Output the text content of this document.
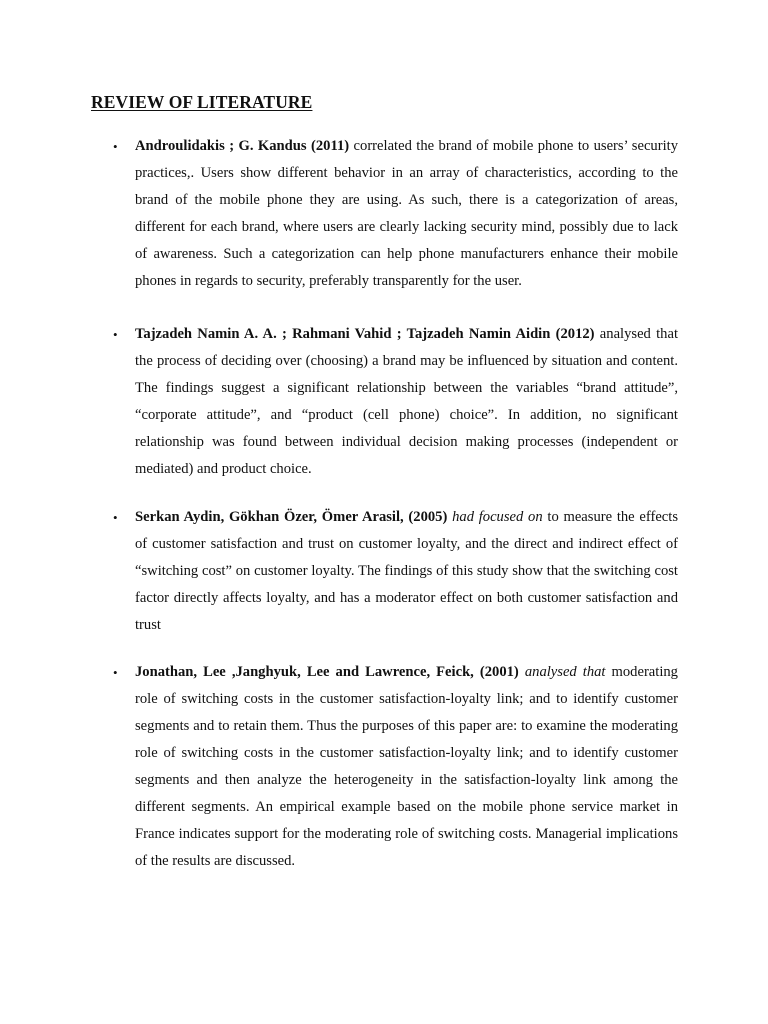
REVIEW OF LITERATURE

• Androulidakis ; G. Kandus (2011) correlated the brand of mobile phone to users’ security practices,. Users show different behavior in an array of characteristics, according to the brand of the mobile phone they are using. As such, there is a categorization of areas, different for each brand, where users are clearly lacking security mind, possibly due to lack of awareness. Such a categorization can help phone manufacturers enhance their mobile phones in regards to security, preferably transparently for the user.

• Tajzadeh Namin A. A. ; Rahmani Vahid ; Tajzadeh Namin Aidin (2012) analysed that the process of deciding over (choosing) a brand may be influenced by situation and content. The findings suggest a significant relationship between the variables “brand attitude”, “corporate attitude”, and “product (cell phone) choice”. In addition, no significant relationship was found between individual decision making processes (independent or mediated) and product choice.

• Serkan Aydin, Gökhan Özer, Ömer Arasil, (2005) had focused on to measure the effects of customer satisfaction and trust on customer loyalty, and the direct and indirect effect of “switching cost” on customer loyalty. The findings of this study show that the switching cost factor directly affects loyalty, and has a moderator effect on both customer satisfaction and trust

• Jonathan, Lee ,Janghyuk, Lee and Lawrence, Feick, (2001) analysed that moderating role of switching costs in the customer satisfaction-loyalty link; and to identify customer segments and to retain them. Thus the purposes of this paper are: to examine the moderating role of switching costs in the customer satisfaction-loyalty link; and to identify customer segments and then analyze the heterogeneity in the satisfaction-loyalty link among the different segments. An empirical example based on the mobile phone service market in France indicates support for the moderating role of switching costs. Managerial implications of the results are discussed.
